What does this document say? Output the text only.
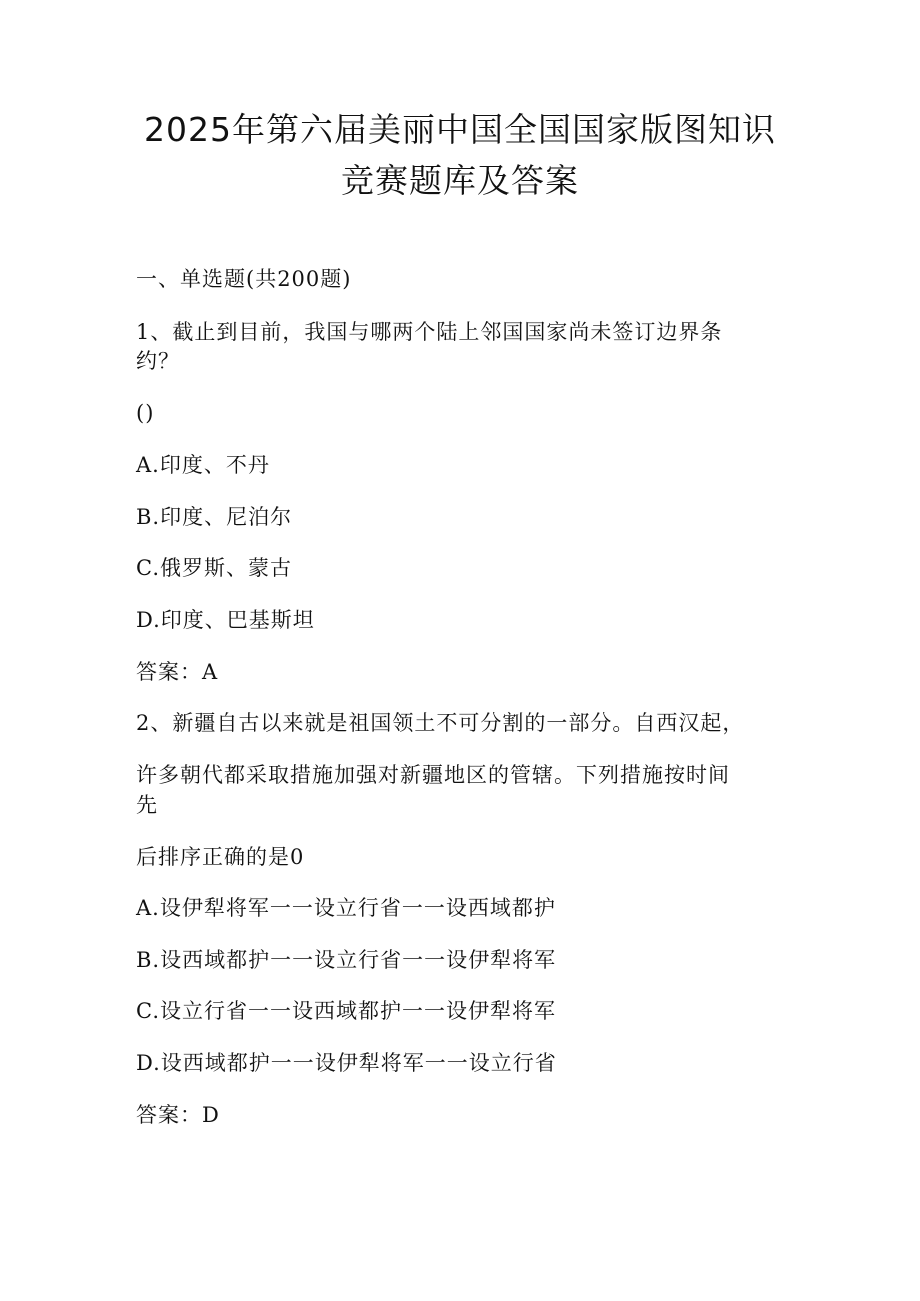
2025年第六届美丽中国全国国家版图知识
竞赛题库及答案
一、单选题(共200题)
1、截止到目前，我国与哪两个陆上邻国国家尚未签订边界条
约？
()
A.印度、不丹
B.印度、尼泊尔
C.俄罗斯、蒙古
D.印度、巴基斯坦
答案：A
2、新疆自古以来就是祖国领土不可分割的一部分。自西汉起，
许多朝代都采取措施加强对新疆地区的管辖。下列措施按时间
先
后排序正确的是0
A.设伊犁将军一一设立行省一一设西域都护
B.设西域都护一一设立行省一一设伊犁将军
C.设立行省一一设西域都护一一设伊犁将军
D.设西域都护一一设伊犁将军一一设立行省
答案：D
